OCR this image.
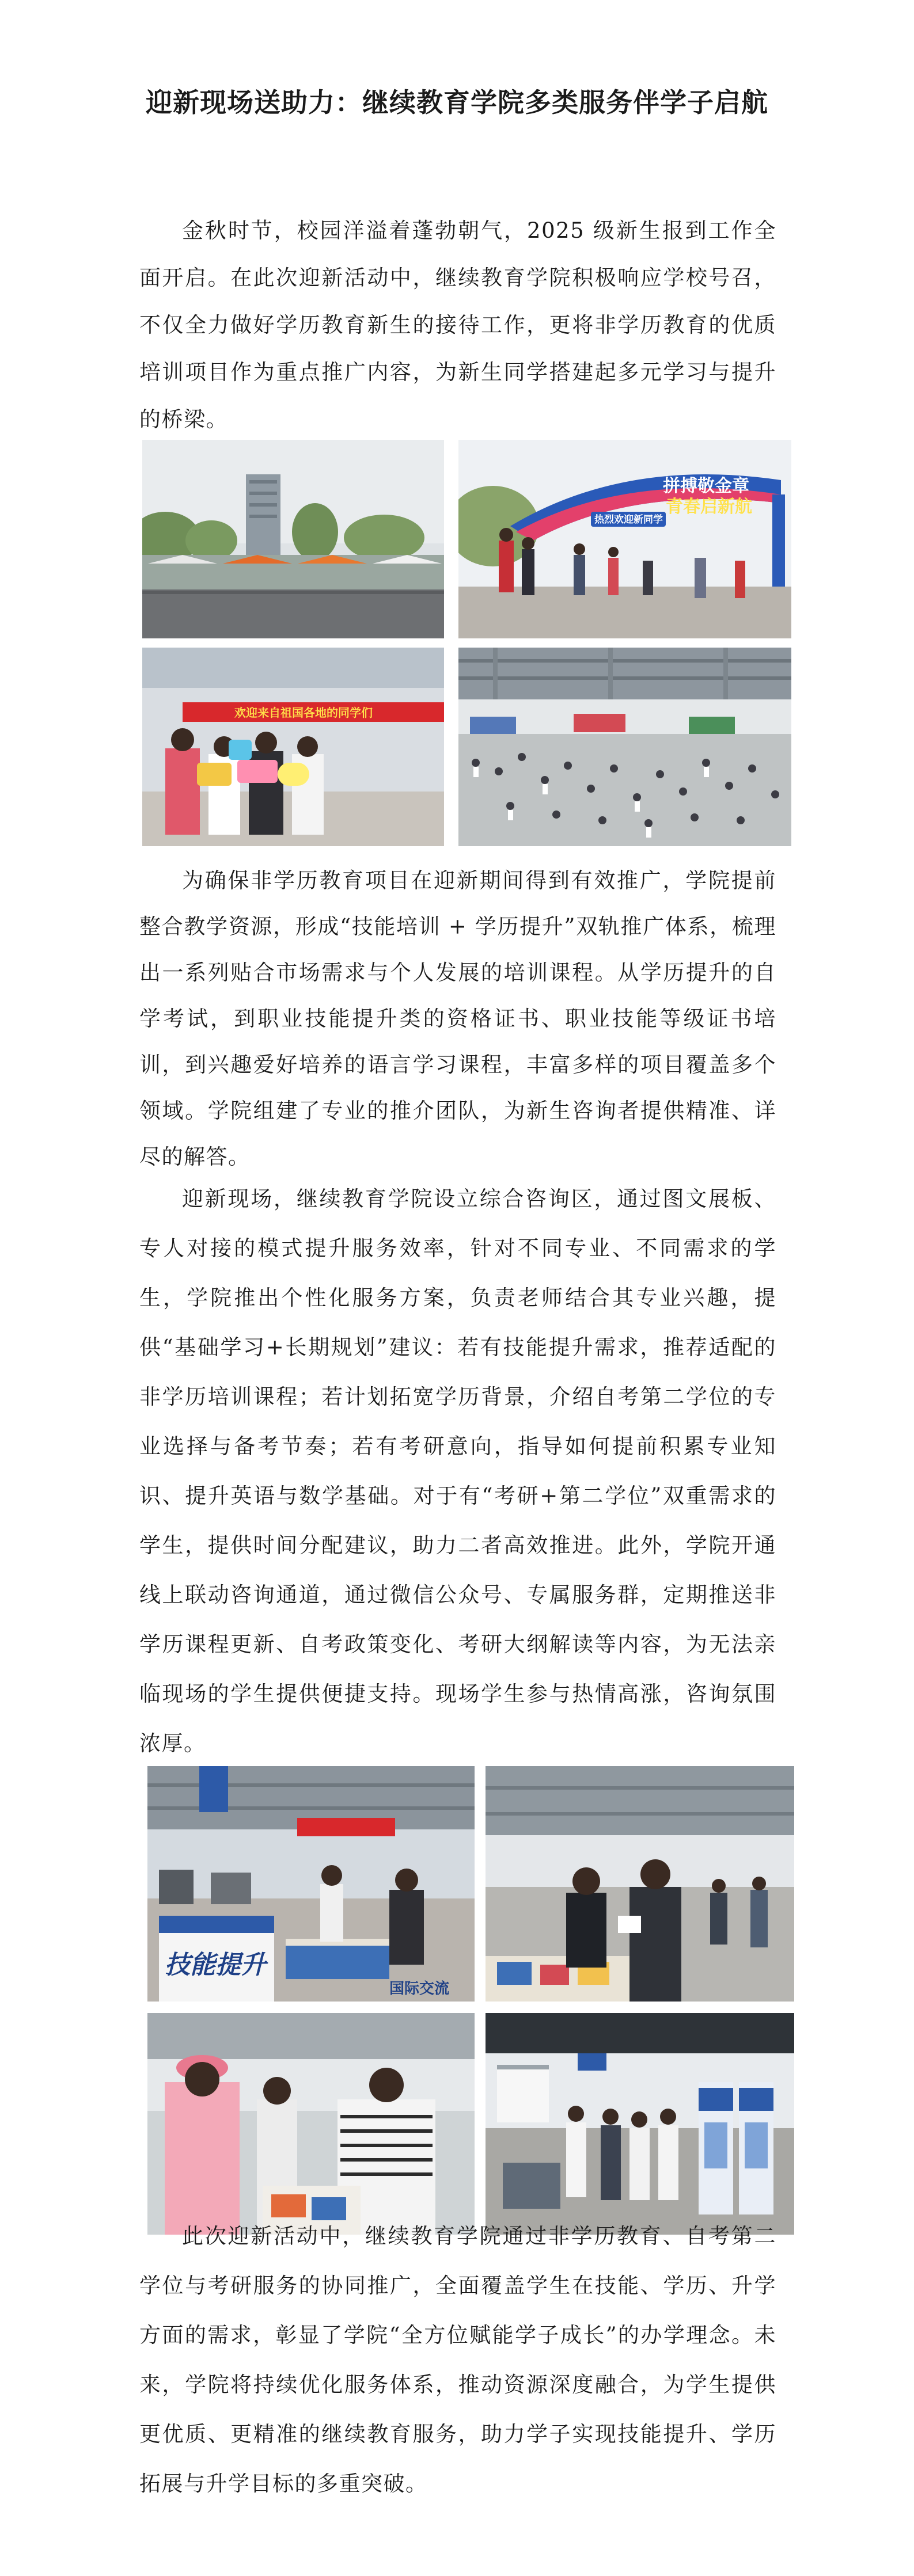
迎新现场送助力：继续教育学院多类服务伴学子启航

金秋时节，校园洋溢着蓬勃朝气，2025 级新生报到工作全面开启。在此次迎新活动中，继续教育学院积极响应学校号召，不仅全力做好学历教育新生的接待工作，更将非学历教育的优质培训项目作为重点推广内容，为新生同学搭建起多元学习与提升的桥梁。

拼搏敬金章
青春启新航
热烈欢迎新同学
欢迎来自祖国各地的同学们

为确保非学历教育项目在迎新期间得到有效推广，学院提前整合教学资源，形成“技能培训 + 学历提升”双轨推广体系，梳理出一系列贴合市场需求与个人发展的培训课程。从学历提升的自学考试，到职业技能提升类的资格证书、职业技能等级证书培训，到兴趣爱好培养的语言学习课程，丰富多样的项目覆盖多个领域。学院组建了专业的推介团队，为新生咨询者提供精准、详尽的解答。

迎新现场，继续教育学院设立综合咨询区，通过图文展板、专人对接的模式提升服务效率，针对不同专业、不同需求的学生，学院推出个性化服务方案，负责老师结合其专业兴趣，提供“基础学习+长期规划”建议：若有技能提升需求，推荐适配的非学历培训课程；若计划拓宽学历背景，介绍自考第二学位的专业选择与备考节奏；若有考研意向，指导如何提前积累专业知识、提升英语与数学基础。对于有“考研+第二学位”双重需求的学生，提供时间分配建议，助力二者高效推进。此外，学院开通线上联动咨询通道，通过微信公众号、专属服务群，定期推送非学历课程更新、自考政策变化、考研大纲解读等内容，为无法亲临现场的学生提供便捷支持。现场学生参与热情高涨，咨询氛围浓厚。

技能提升
国际交流

此次迎新活动中，继续教育学院通过非学历教育、自考第二学位与考研服务的协同推广，全面覆盖学生在技能、学历、升学方面的需求，彰显了学院“全方位赋能学子成长”的办学理念。未来，学院将持续优化服务体系，推动资源深度融合，为学生提供更优质、更精准的继续教育服务，助力学子实现技能提升、学历拓展与升学目标的多重突破。
